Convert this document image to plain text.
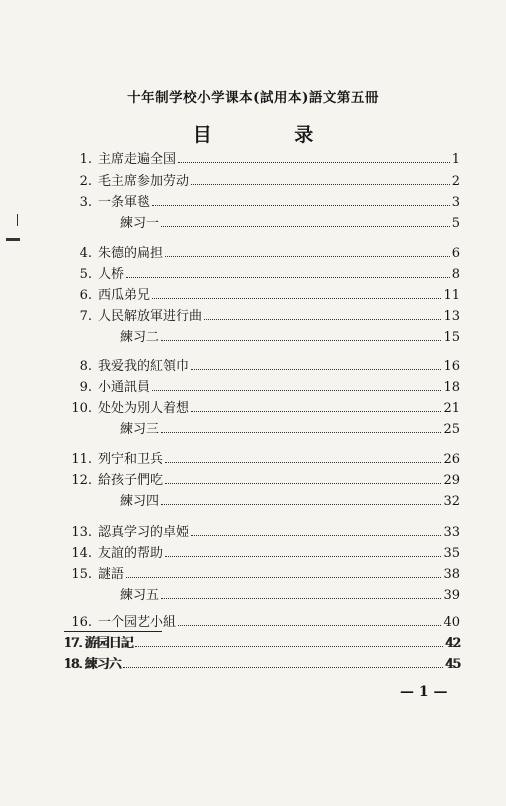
十年制学校小学课本(試用本)語文第五冊
目 录
1. 主席走遍全国	1
2. 毛主席参加劳动	2
3. 一条軍毯	3
練习一	5
4. 朱德的扁担	6
5. 人桥	8
6. 西瓜弟兄	11
7. 人民解放軍进行曲	13
練习二	15
8. 我爱我的紅領巾	16
9. 小通訊員	18
10. 处处为別人着想	21
練习三	25
11. 列宁和卫兵	26
12. 給孩子們吃	29
練习四	32
13. 認真学习的卓婭	33
14. 友誼的帮助	35
15. 謎語	38
練习五	39
16. 一个园艺小組	40
17. 游园日記	42
18. 練习六	45
— 1 —
